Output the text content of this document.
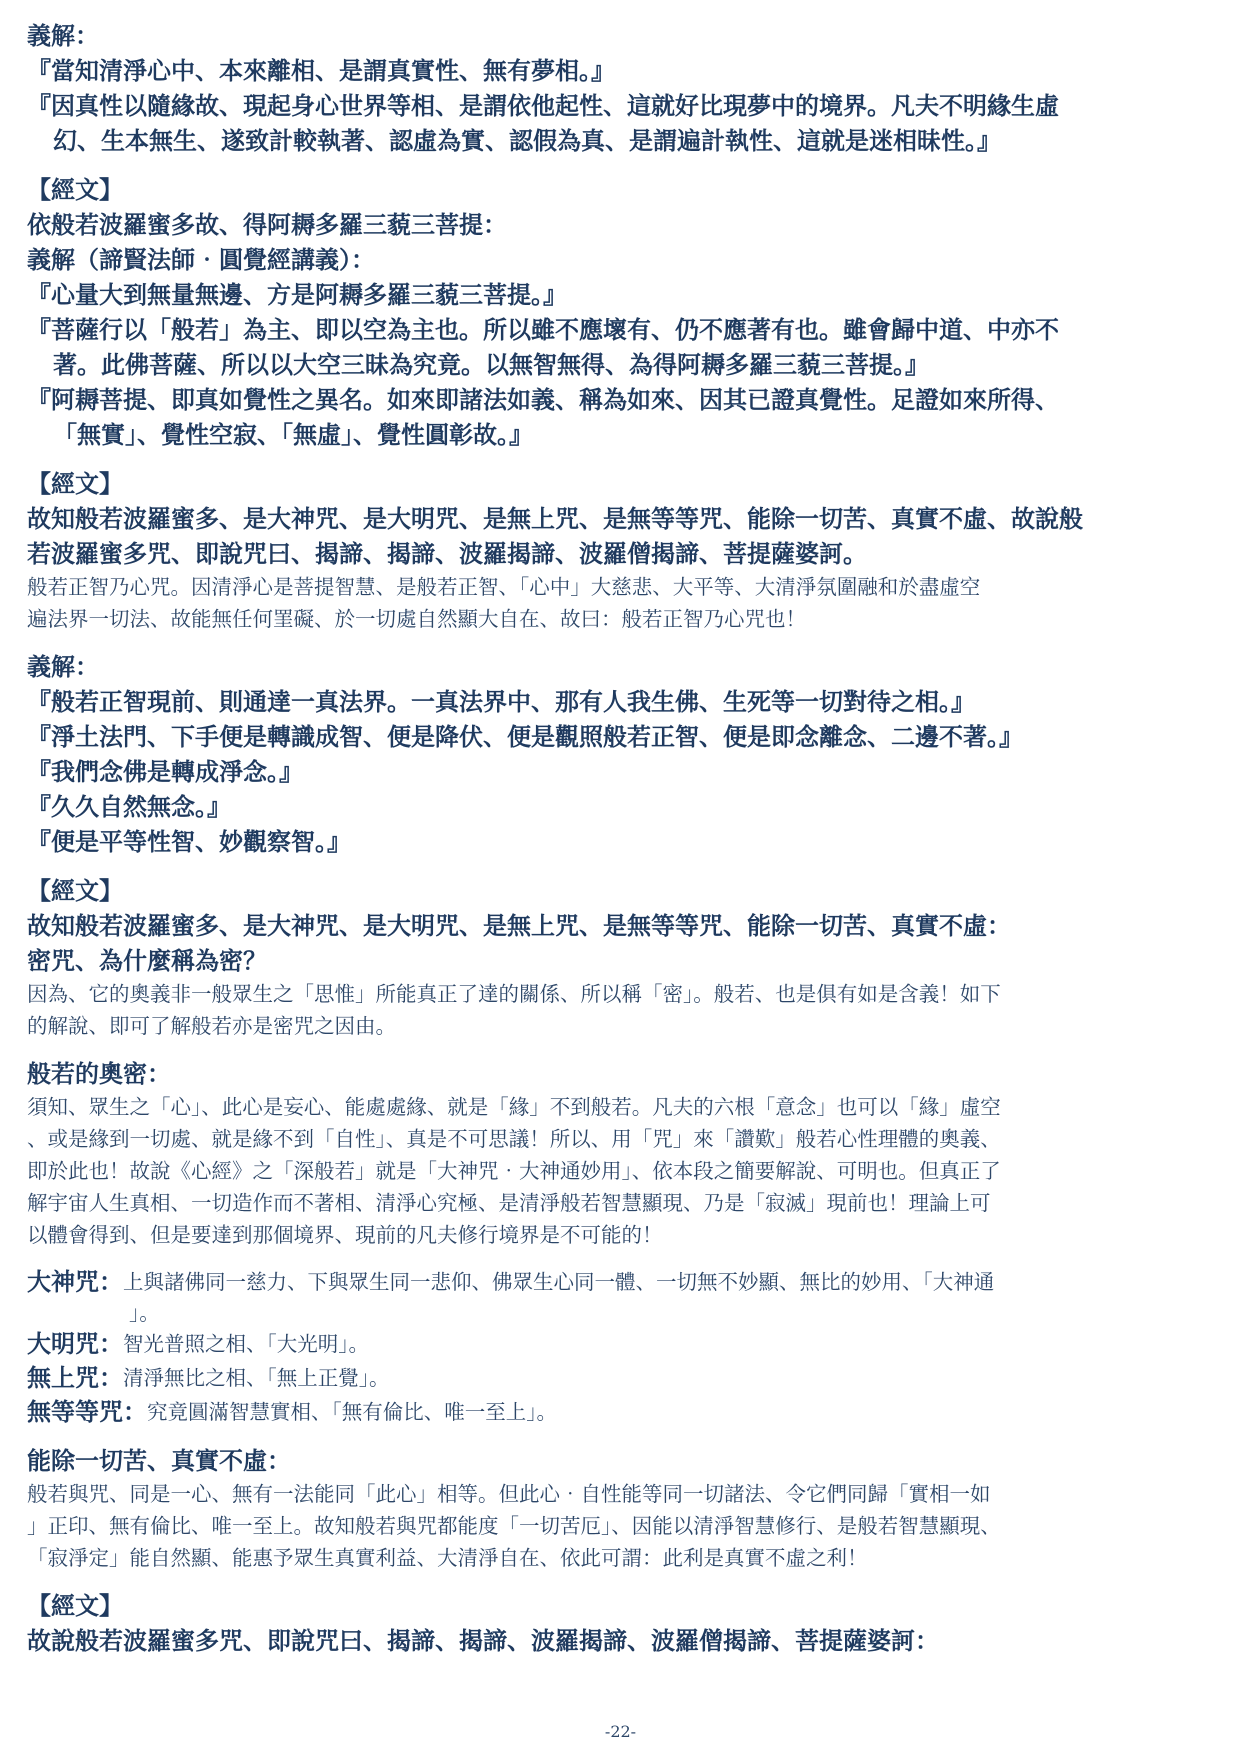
義解：

『當知清淨心中、本來離相、是謂真實性、無有夢相。』

『因真性以隨緣故、現起身心世界等相、是謂依他起性、這就好比現夢中的境界。凡夫不明緣生虛

幻、生本無生、遂致計較執著、認虛為實、認假為真、是謂遍計執性、這就是迷相昧性。』

【經文】

依般若波羅蜜多故、得阿耨多羅三藐三菩提：

義解（諦賢法師‧圓覺經講義）：

『心量大到無量無邊、方是阿耨多羅三藐三菩提。』

『菩薩行以「般若」為主、即以空為主也。所以雖不應壞有、仍不應著有也。雖會歸中道、中亦不

著。此佛菩薩、所以以大空三昧為究竟。以無智無得、為得阿耨多羅三藐三菩提。』

『阿耨菩提、即真如覺性之異名。如來即諸法如義、稱為如來、因其已證真覺性。足證如來所得、

「無實」、覺性空寂、「無虛」、覺性圓彰故。』

【經文】

故知般若波羅蜜多、是大神咒、是大明咒、是無上咒、是無等等咒、能除一切苦、真實不虛、故說般

若波羅蜜多咒、即說咒曰、揭諦、揭諦、波羅揭諦、波羅僧揭諦、菩提薩婆訶。

般若正智乃心咒。因清淨心是菩提智慧、是般若正智、「心中」大慈悲、大平等、大清淨氛圍融和於盡虛空

遍法界一切法、故能無任何罣礙、於一切處自然顯大自在、故曰：般若正智乃心咒也！

義解：

『般若正智現前、則通達一真法界。一真法界中、那有人我生佛、生死等一切對待之相。』

『淨土法門、下手便是轉識成智、便是降伏、便是觀照般若正智、便是即念離念、二邊不著。』

『我們念佛是轉成淨念。』

『久久自然無念。』

『便是平等性智、妙觀察智。』

【經文】

故知般若波羅蜜多、是大神咒、是大明咒、是無上咒、是無等等咒、能除一切苦、真實不虛：

密咒、為什麼稱為密？

因為、它的奧義非一般眾生之「思惟」所能真正了達的關係、所以稱「密」。般若、也是俱有如是含義！如下

的解說、即可了解般若亦是密咒之因由。

般若的奧密：

須知、眾生之「心」、此心是妄心、能處處緣、就是「緣」不到般若。凡夫的六根「意念」也可以「緣」虛空

、或是緣到一切處、就是緣不到「自性」、真是不可思議！所以、用「咒」來「讚歎」般若心性理體的奧義、

即於此也！故說《心經》之「深般若」就是「大神咒‧大神通妙用」、依本段之簡要解說、可明也。但真正了

解宇宙人生真相、一切造作而不著相、清淨心究極、是清淨般若智慧顯現、乃是「寂滅」現前也！理論上可

以體會得到、但是要達到那個境界、現前的凡夫修行境界是不可能的！

大神咒： 上與諸佛同一慈力、下與眾生同一悲仰、佛眾生心同一體、一切無不妙顯、無比的妙用、「大神通

」。

大明咒： 智光普照之相、「大光明」。
無上咒： 清淨無比之相、「無上正覺」。
無等等咒： 究竟圓滿智慧實相、「無有倫比、唯一至上」。

能除一切苦、真實不虛：

般若與咒、同是一心、無有一法能同「此心」相等。但此心‧自性能等同一切諸法、令它們同歸「實相一如

」正印、無有倫比、唯一至上。故知般若與咒都能度「一切苦厄」、因能以清淨智慧修行、是般若智慧顯現、

「寂淨定」能自然顯、能惠予眾生真實利益、大清淨自在、依此可謂：此利是真實不虛之利！

【經文】

故說般若波羅蜜多咒、即說咒曰、揭諦、揭諦、波羅揭諦、波羅僧揭諦、菩提薩婆訶：

-22-
